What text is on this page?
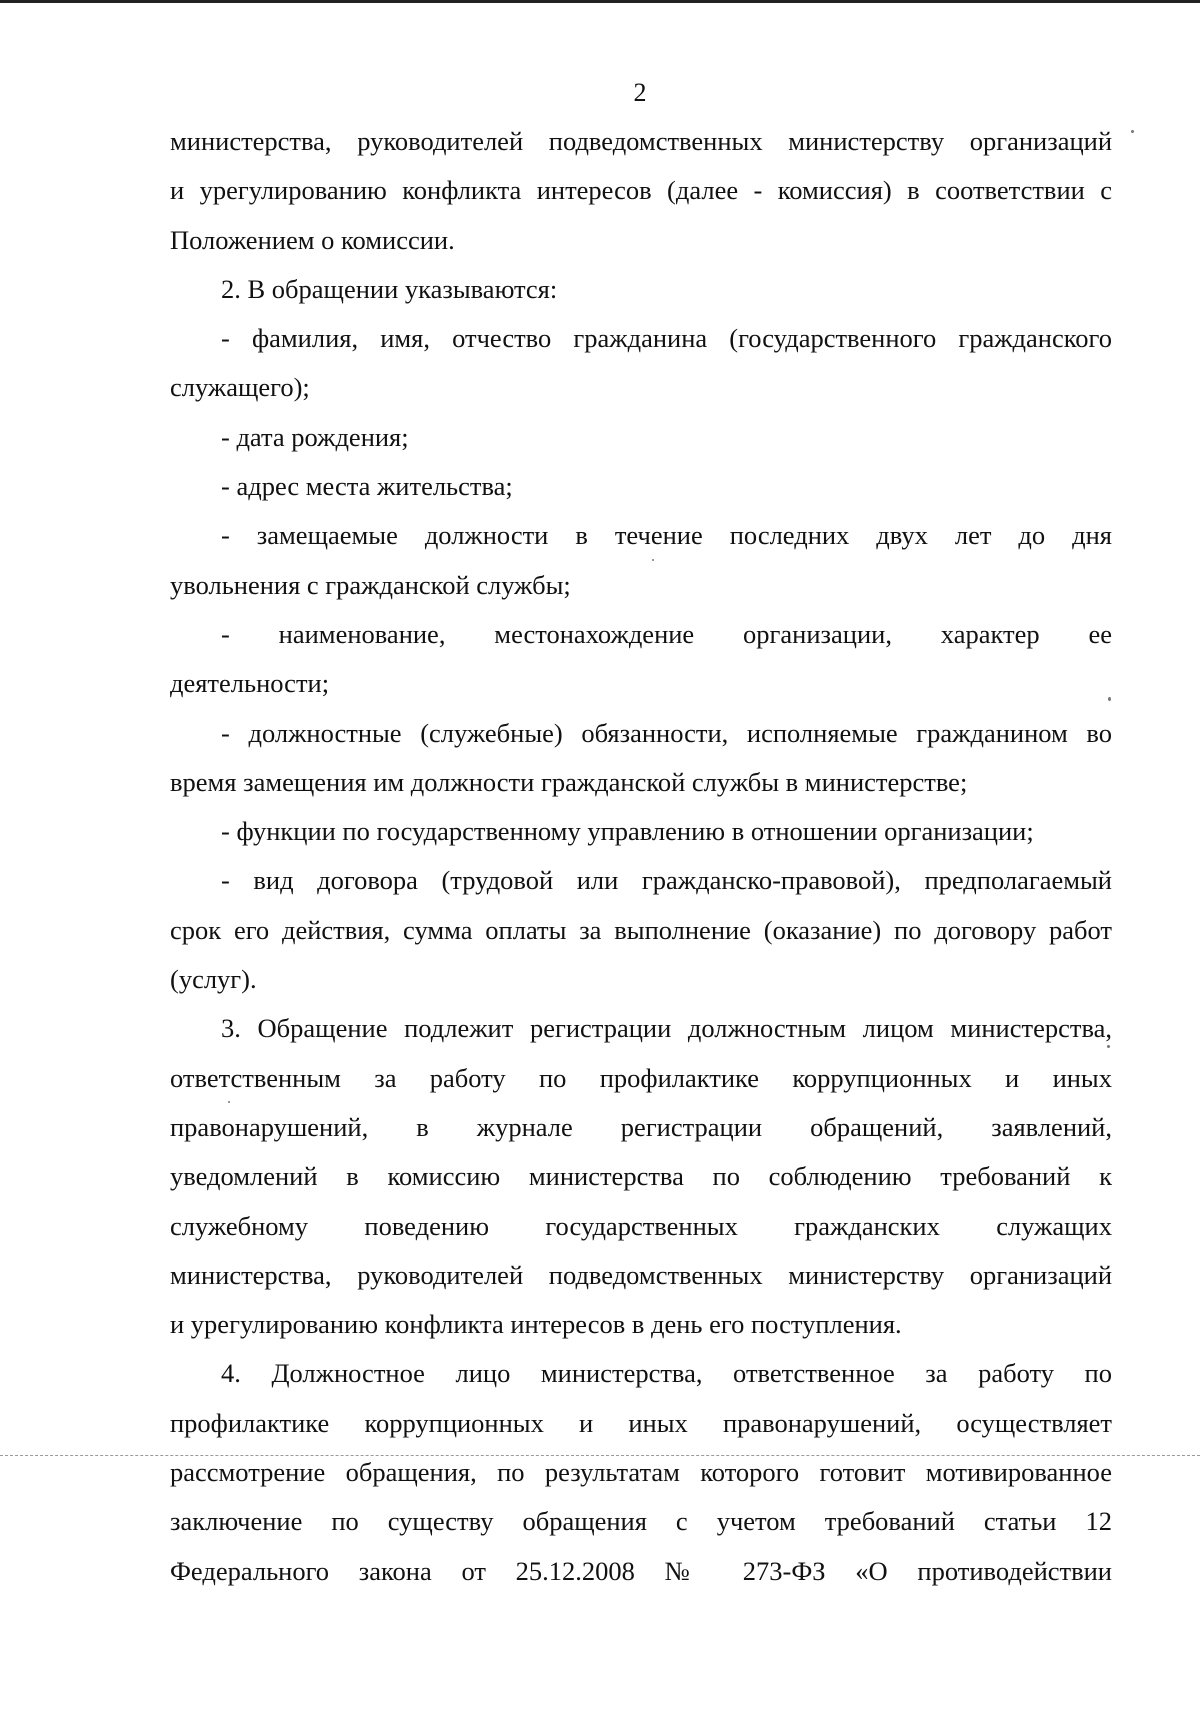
2
министерства, руководителей подведомственных министерству организаций
и урегулированию конфликта интересов (далее - комиссия) в соответствии с
Положением о комиссии.
2. В обращении указываются:
- фамилия, имя, отчество гражданина (государственного гражданского
служащего);
- дата рождения;
- адрес места жительства;
- замещаемые должности в течение последних двух лет до дня
увольнения с гражданской службы;
- наименование, местонахождение организации, характер ее
деятельности;
- должностные (служебные) обязанности, исполняемые гражданином во
время замещения им должности гражданской службы в министерстве;
- функции по государственному управлению в отношении организации;
- вид договора (трудовой или гражданско-правовой), предполагаемый
срок его действия, сумма оплаты за выполнение (оказание) по договору работ
(услуг).
3. Обращение подлежит регистрации должностным лицом министерства,
ответственным за работу по профилактике коррупционных и иных
правонарушений, в журнале регистрации обращений, заявлений,
уведомлений в комиссию министерства по соблюдению требований к
служебному поведению государственных гражданских служащих
министерства, руководителей подведомственных министерству организаций
и урегулированию конфликта интересов в день его поступления.
4. Должностное лицо министерства, ответственное за работу по
профилактике коррупционных и иных правонарушений, осуществляет
рассмотрение обращения, по результатам которого готовит мотивированное
заключение по существу обращения с учетом требований статьи 12
Федерального закона от 25.12.2008 № 273-ФЗ «О противодействии
